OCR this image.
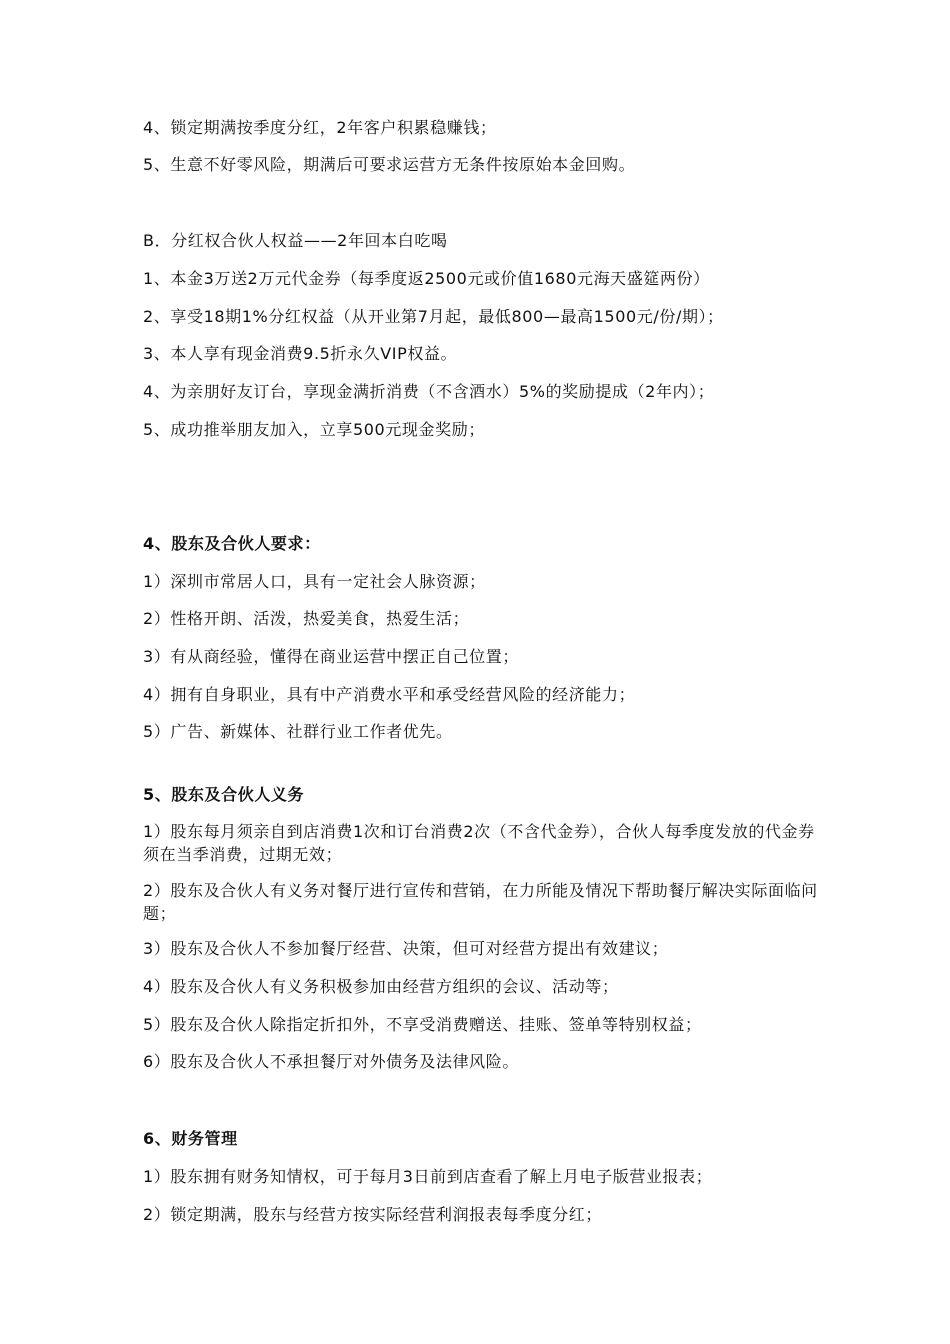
4、锁定期满按季度分红，2年客户积累稳赚钱；
5、生意不好零风险，期满后可要求运营方无条件按原始本金回购。
B．分红权合伙人权益——2年回本白吃喝
1、本金3万送2万元代金券（每季度返2500元或价值1680元海天盛筵两份）
2、享受18期1%分红权益（从开业第7月起，最低800—最高1500元/份/期）；
3、本人享有现金消费9.5折永久VIP权益。
4、为亲朋好友订台，享现金满折消费（不含酒水）5%的奖励提成（2年内）；
5、成功推举朋友加入，立享500元现金奖励；
4、股东及合伙人要求：
1）深圳市常居人口，具有一定社会人脉资源；
2）性格开朗、活泼，热爱美食，热爱生活；
3）有从商经验，懂得在商业运营中摆正自己位置；
4）拥有自身职业，具有中产消费水平和承受经营风险的经济能力；
5）广告、新媒体、社群行业工作者优先。
5、股东及合伙人义务
1）股东每月须亲自到店消费1次和订台消费2次（不含代金券），合伙人每季度发放的代金券须在当季消费，过期无效；
2）股东及合伙人有义务对餐厅进行宣传和营销，在力所能及情况下帮助餐厅解决实际面临问题；
3）股东及合伙人不参加餐厅经营、决策，但可对经营方提出有效建议；
4）股东及合伙人有义务积极参加由经营方组织的会议、活动等；
5）股东及合伙人除指定折扣外，不享受消费赠送、挂账、签单等特别权益；
6）股东及合伙人不承担餐厅对外债务及法律风险。
6、财务管理
1）股东拥有财务知情权，可于每月3日前到店查看了解上月电子版营业报表；
2）锁定期满，股东与经营方按实际经营利润报表每季度分红；
